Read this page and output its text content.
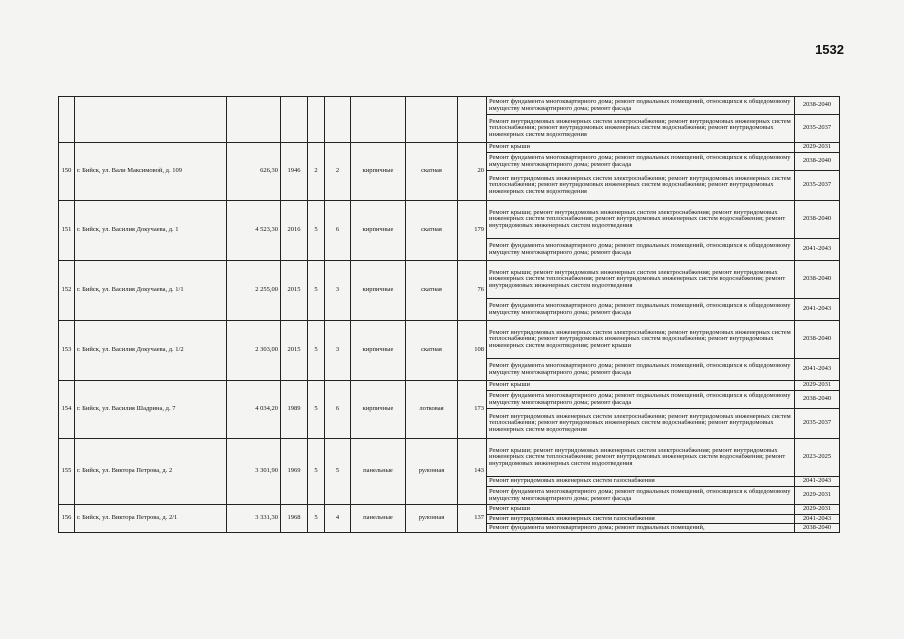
1532
									Ремонт фундамента многоквартирного дома; ремонт подвальных помещений, относящихся к общедомовому имуществу многоквартирного дома; ремонт фасада	2038-2040
									Ремонт внутридомовых инженерных систем электроснабжения; ремонт внутридомовых инженерных систем теплоснабжения; ремонт внутридомовых инженерных систем водоснабжения; ремонт внутридомовых инженерных систем водоотведения	2035-2037
150	г. Бийск, ул. Вали Максимовой, д. 109	626,30	1946	2	2	кирпичные	скатная	20	Ремонт крыши	2029-2031
									Ремонт фундамента многоквартирного дома; ремонт подвальных помещений, относящихся к общедомовому имуществу многоквартирного дома; ремонт фасада	2038-2040
									Ремонт внутридомовых инженерных систем электроснабжения; ремонт внутридомовых инженерных систем теплоснабжения; ремонт внутридомовых инженерных систем водоснабжения; ремонт внутридомовых инженерных систем водоотведения	2035-2037
151	г. Бийск, ул. Василия Докучаева, д. 1	4 523,30	2016	5	6	кирпичные	скатная	179	Ремонт крыши; ремонт внутридомовых инженерных систем электроснабжения; ремонт внутридомовых инженерных систем теплоснабжения; ремонт внутридомовых инженерных систем водоснабжения; ремонт внутридомовых инженерных систем водоотведения	2038-2040
									Ремонт фундамента многоквартирного дома; ремонт подвальных помещений, относящихся к общедомовому имуществу многоквартирного дома; ремонт фасада	2041-2043
152	г. Бийск, ул. Василия Докучаева, д. 1/1	2 255,00	2015	5	3	кирпичные	скатная	76	Ремонт крыши; ремонт внутридомовых инженерных систем электроснабжения; ремонт внутридомовых инженерных систем теплоснабжения; ремонт внутридомовых инженерных систем водоснабжения; ремонт внутридомовых инженерных систем водоотведения	2038-2040
									Ремонт фундамента многоквартирного дома; ремонт подвальных помещений, относящихся к общедомовому имуществу многоквартирного дома; ремонт фасада	2041-2043
153	г. Бийск, ул. Василия Докучаева, д. 1/2	2 303,00	2015	5	3	кирпичные	скатная	108	Ремонт внутридомовых инженерных систем электроснабжения; ремонт внутридомовых инженерных систем теплоснабжения; ремонт внутридомовых инженерных систем водоснабжения; ремонт внутридомовых инженерных систем водоотведения; ремонт крыши	2038-2040
									Ремонт фундамента многоквартирного дома; ремонт подвальных помещений, относящихся к общедомовому имуществу многоквартирного дома; ремонт фасада	2041-2043
154	г. Бийск, ул. Василия Шадрина, д. 7	4 034,20	1989	5	6	кирпичные	лотковая	173	Ремонт крыши	2029-2031
									Ремонт фундамента многоквартирного дома; ремонт подвальных помещений, относящихся к общедомовому имуществу многоквартирного дома; ремонт фасада	2038-2040
									Ремонт внутридомовых инженерных систем электроснабжения; ремонт внутридомовых инженерных систем теплоснабжения; ремонт внутридомовых инженерных систем водоснабжения; ремонт внутридомовых инженерных систем водоотведения	2035-2037
155	г. Бийск, ул. Виктора Петрова, д. 2	3 301,90	1969	5	5	панельные	рулонная	143	Ремонт крыши; ремонт внутридомовых инженерных систем электроснабжения; ремонт внутридомовых инженерных систем теплоснабжения; ремонт внутридомовых инженерных систем водоснабжения; ремонт внутридомовых инженерных систем водоотведения	2023-2025
									Ремонт внутридомовых инженерных систем газоснабжения	2041-2043
									Ремонт фундамента многоквартирного дома; ремонт подвальных помещений, относящихся к общедомовому имуществу многоквартирного дома; ремонт фасада	2029-2031
156	г. Бийск, ул. Виктора Петрова, д. 2/1	3 331,30	1968	5	4	панельные	рулонная	137	Ремонт крыши	2029-2031
									Ремонт внутридомовых инженерных систем газоснабжения	2041-2043
									Ремонт фундамента многоквартирного дома; ремонт подвальных помещений,	2038-2040
